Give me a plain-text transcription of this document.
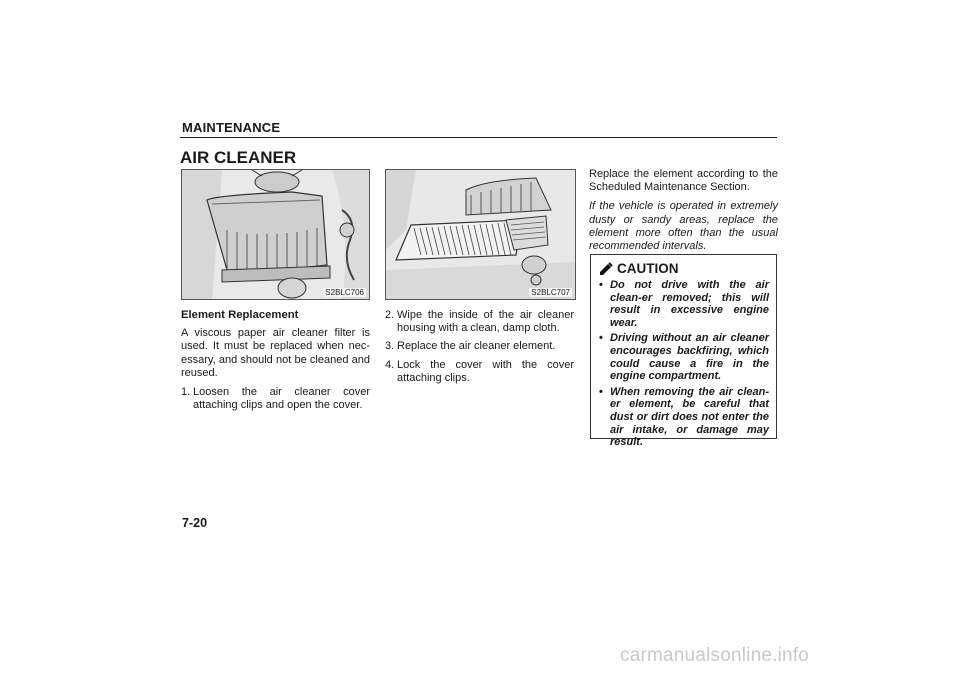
MAINTENANCE
AIR CLEANER
S2BLC706	S2BLC707
Element Replacement

A viscous paper air cleaner filter is used. It must be replaced when nec-essary, and should not be cleaned and reused.

1. Loosen the air cleaner cover attaching clips and open the cover.
2. Wipe the inside of the air cleaner housing with a clean, damp cloth.
3. Replace the air cleaner element.
4. Lock the cover with the cover attaching clips.

Replace the element according to the Scheduled Maintenance Section.

If the vehicle is operated in extremely dusty or sandy areas, replace the element more often than the usual recommended intervals.

CAUTION
• Do not drive with the air clean-er removed; this will result in excessive engine wear.
• Driving without an air cleaner encourages backfiring, which could cause a fire in the engine compartment.
• When removing the air clean-er element, be careful that dust or dirt does not enter the air intake, or damage may result.
7-20
carmanualsonline.info
